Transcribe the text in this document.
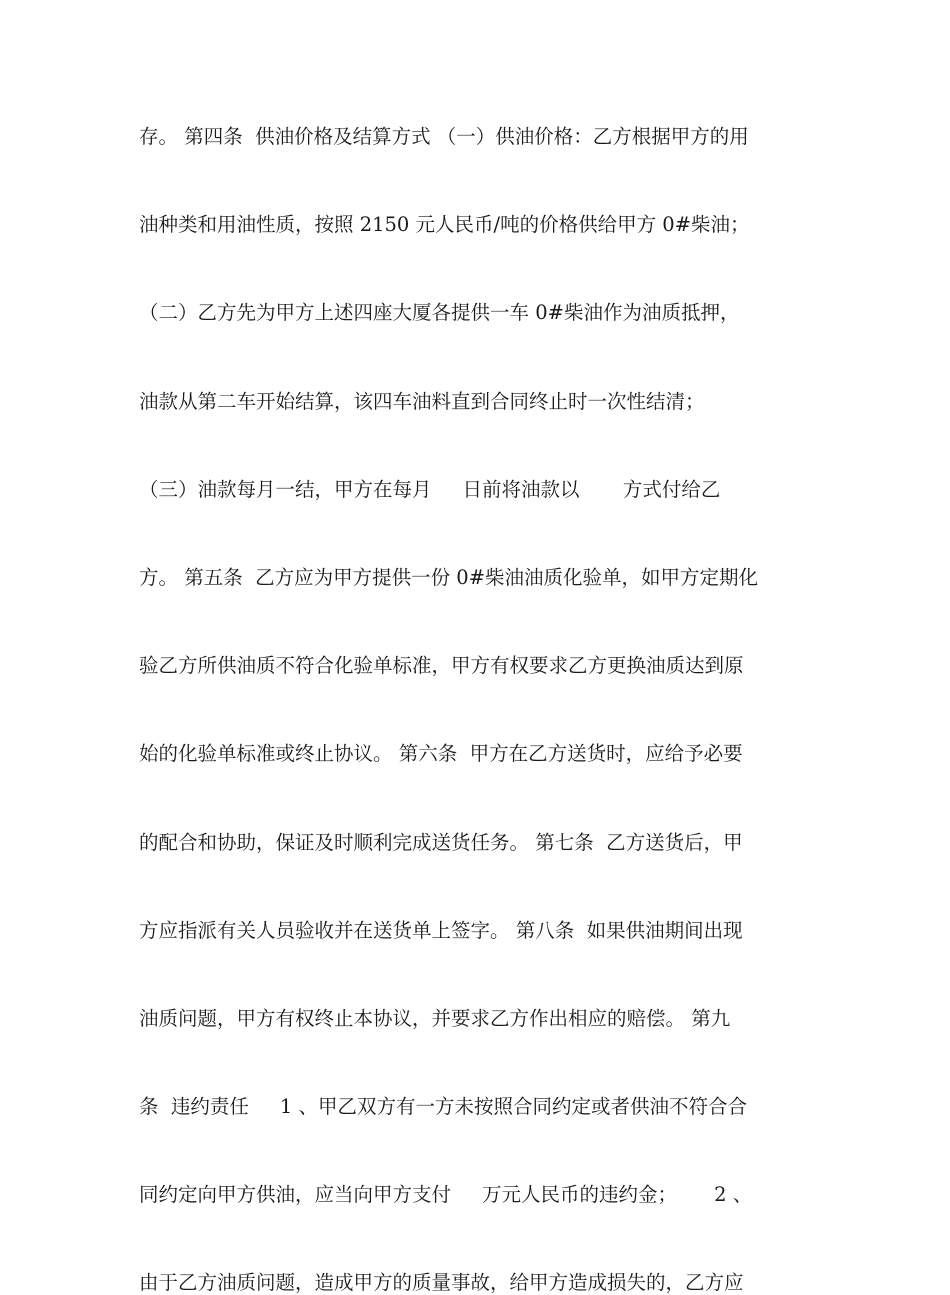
存。 第四条  供油价格及结算方式 （一）供油价格：乙方根据甲方的用
油种类和用油性质，按照 2150 元人民币/吨的价格供给甲方 0#柴油；
（二）乙方先为甲方上述四座大厦各提供一车 0#柴油作为油质抵押，
油款从第二车开始结算，该四车油料直到合同终止时一次性结清；
（三）油款每月一结，甲方在每月     日前将油款以       方式付给乙
方。 第五条  乙方应为甲方提供一份 0#柴油油质化验单，如甲方定期化
验乙方所供油质不符合化验单标准，甲方有权要求乙方更换油质达到原
始的化验单标准或终止协议。 第六条  甲方在乙方送货时，应给予必要
的配合和协助，保证及时顺利完成送货任务。 第七条  乙方送货后，甲
方应指派有关人员验收并在送货单上签字。 第八条  如果供油期间出现
油质问题，甲方有权终止本协议，并要求乙方作出相应的赔偿。 第九
条  违约责任     1 、甲乙双方有一方未按照合同约定或者供油不符合合
同约定向甲方供油，应当向甲方支付     万元人民币的违约金；      2 、
由于乙方油质问题，造成甲方的质量事故，给甲方造成损失的，乙方应
